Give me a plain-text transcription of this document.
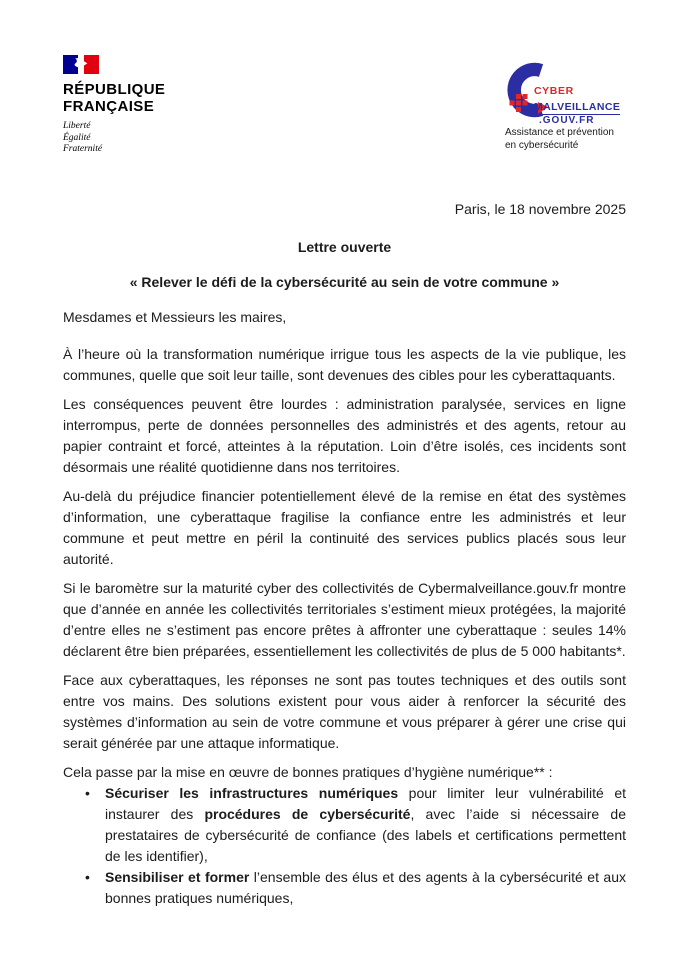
RÉPUBLIQUE
FRANÇAISE
Liberté
Égalité
Fraternité
CYBER
MALVEILLANCE
.GOUV.FR
Assistance et prévention
en cybersécurité
Paris, le 18 novembre 2025
Lettre ouverte
« Relever le défi de la cybersécurité au sein de votre commune »
Mesdames et Messieurs les maires,

À l’heure où la transformation numérique irrigue tous les aspects de la vie publique, les communes, quelle que soit leur taille, sont devenues des cibles pour les cyberattaquants.

Les conséquences peuvent être lourdes : administration paralysée, services en ligne interrompus, perte de données personnelles des administrés et des agents, retour au papier contraint et forcé, atteintes à la réputation. Loin d’être isolés, ces incidents sont désormais une réalité quotidienne dans nos territoires.

Au-delà du préjudice financier potentiellement élevé de la remise en état des systèmes d’information, une cyberattaque fragilise la confiance entre les administrés et leur commune et peut mettre en péril la continuité des services publics placés sous leur autorité.

Si le baromètre sur la maturité cyber des collectivités de Cybermalveillance.gouv.fr montre que d’année en année les collectivités territoriales s’estiment mieux protégées, la majorité d’entre elles ne s’estiment pas encore prêtes à affronter une cyberattaque : seules 14% déclarent être bien préparées, essentiellement les collectivités de plus de 5 000 habitants*.

Face aux cyberattaques, les réponses ne sont pas toutes techniques et des outils sont entre vos mains. Des solutions existent pour vous aider à renforcer la sécurité des systèmes d’information au sein de votre commune et vous préparer à gérer une crise qui serait générée par une attaque informatique.

Cela passe par la mise en œuvre de bonnes pratiques d’hygiène numérique** :

• Sécuriser les infrastructures numériques pour limiter leur vulnérabilité et instaurer des procédures de cybersécurité, avec l’aide si nécessaire de prestataires de cybersécurité de confiance (des labels et certifications permettent de les identifier),
• Sensibiliser et former l’ensemble des élus et des agents à la cybersécurité et aux bonnes pratiques numériques,
